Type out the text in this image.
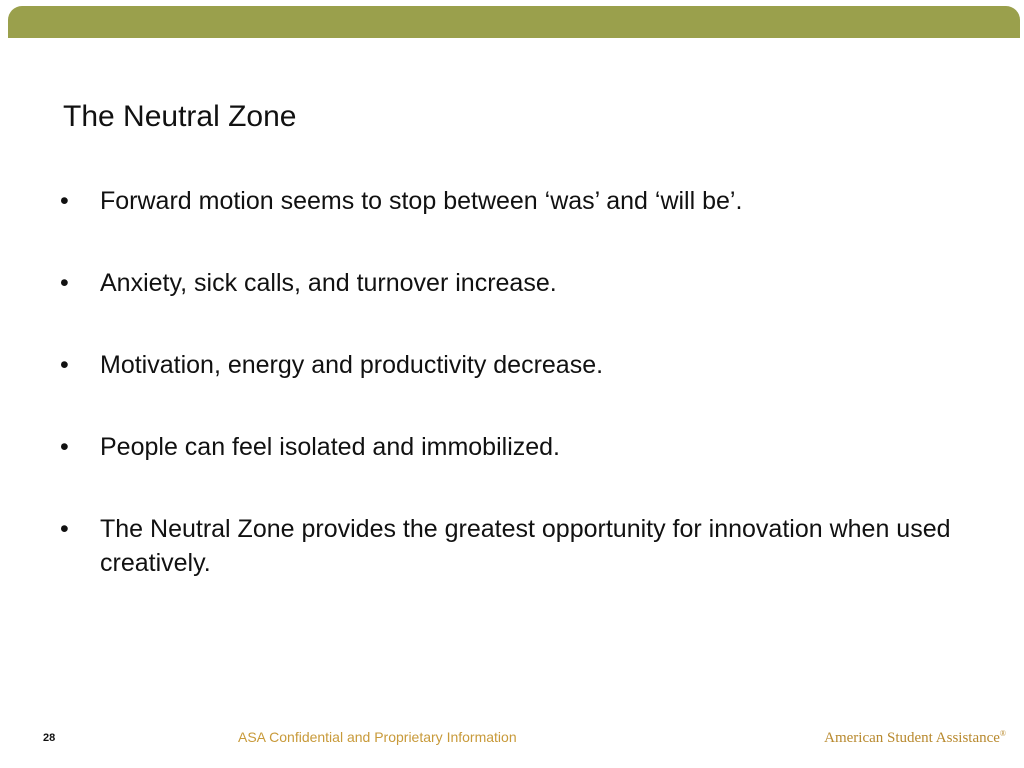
The Neutral Zone
•	Forward motion seems to stop between ‘was’ and ‘will be’.
•	Anxiety, sick calls, and turnover increase.
•	Motivation, energy and productivity decrease.
•	People can feel isolated and immobilized.
•	The Neutral Zone provides the greatest opportunity for innovation when used creatively.
28	ASA Confidential and Proprietary Information	American Student Assistance®
